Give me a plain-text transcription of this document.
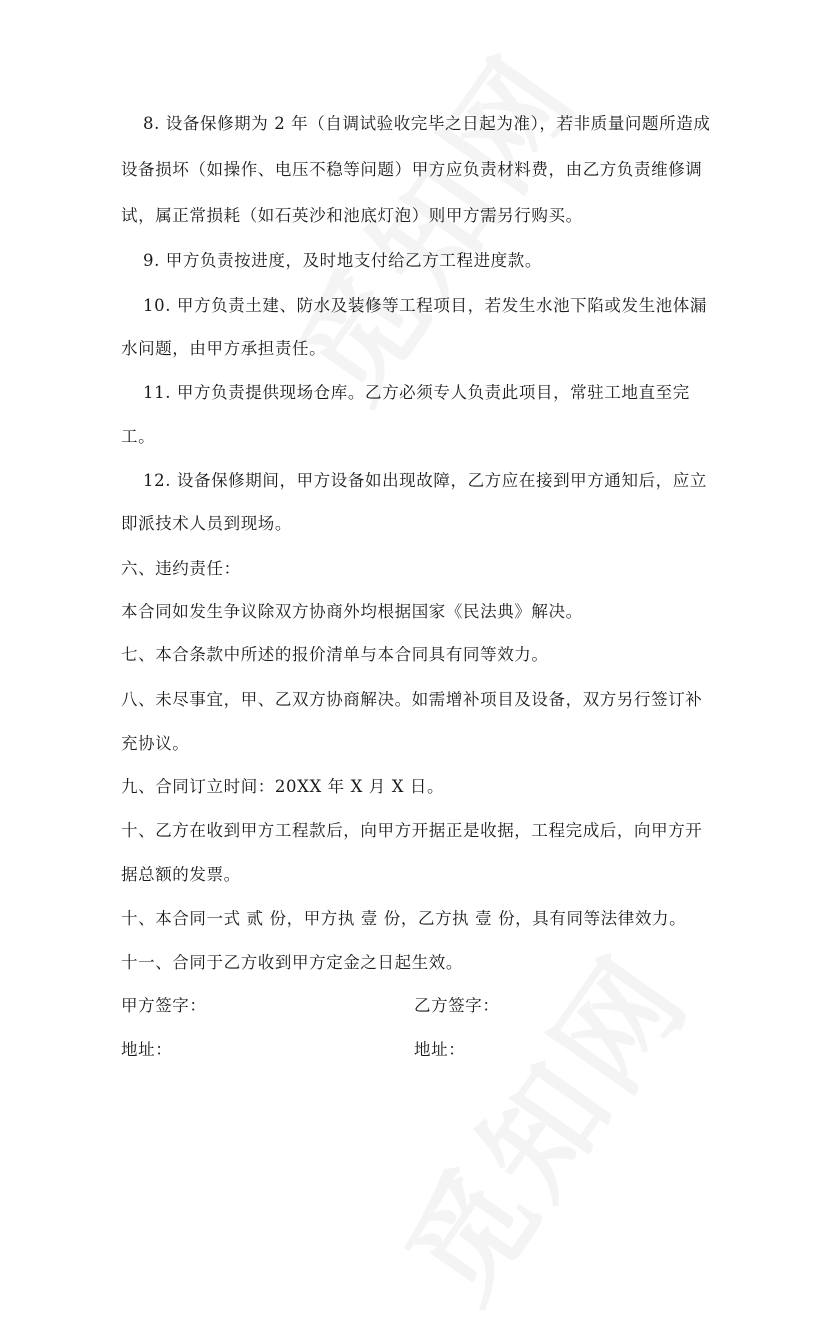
8. 设备保修期为 2 年（自调试验收完毕之日起为准），若非质量问题所造成
设备损坏（如操作、电压不稳等问题）甲方应负责材料费，由乙方负责维修调
试，属正常损耗（如石英沙和池底灯泡）则甲方需另行购买。
9. 甲方负责按进度，及时地支付给乙方工程进度款。
10. 甲方负责土建、防水及装修等工程项目，若发生水池下陷或发生池体漏
水问题，由甲方承担责任。
11. 甲方负责提供现场仓库。乙方必须专人负责此项目，常驻工地直至完
工。
12. 设备保修期间，甲方设备如出现故障，乙方应在接到甲方通知后，应立
即派技术人员到现场。
六、违约责任：
本合同如发生争议除双方协商外均根据国家《民法典》解决。
七、本合条款中所述的报价清单与本合同具有同等效力。
八、未尽事宜，甲、乙双方协商解决。如需增补项目及设备，双方另行签订补
充协议。
九、合同订立时间：20XX 年 X 月 X 日。
十、乙方在收到甲方工程款后，向甲方开据正是收据，工程完成后，向甲方开
据总额的发票。
十、本合同一式 贰 份，甲方执 壹 份，乙方执 壹 份，具有同等法律效力。
十一、合同于乙方收到甲方定金之日起生效。
甲方签字：	乙方签字：
地址：	地址：
